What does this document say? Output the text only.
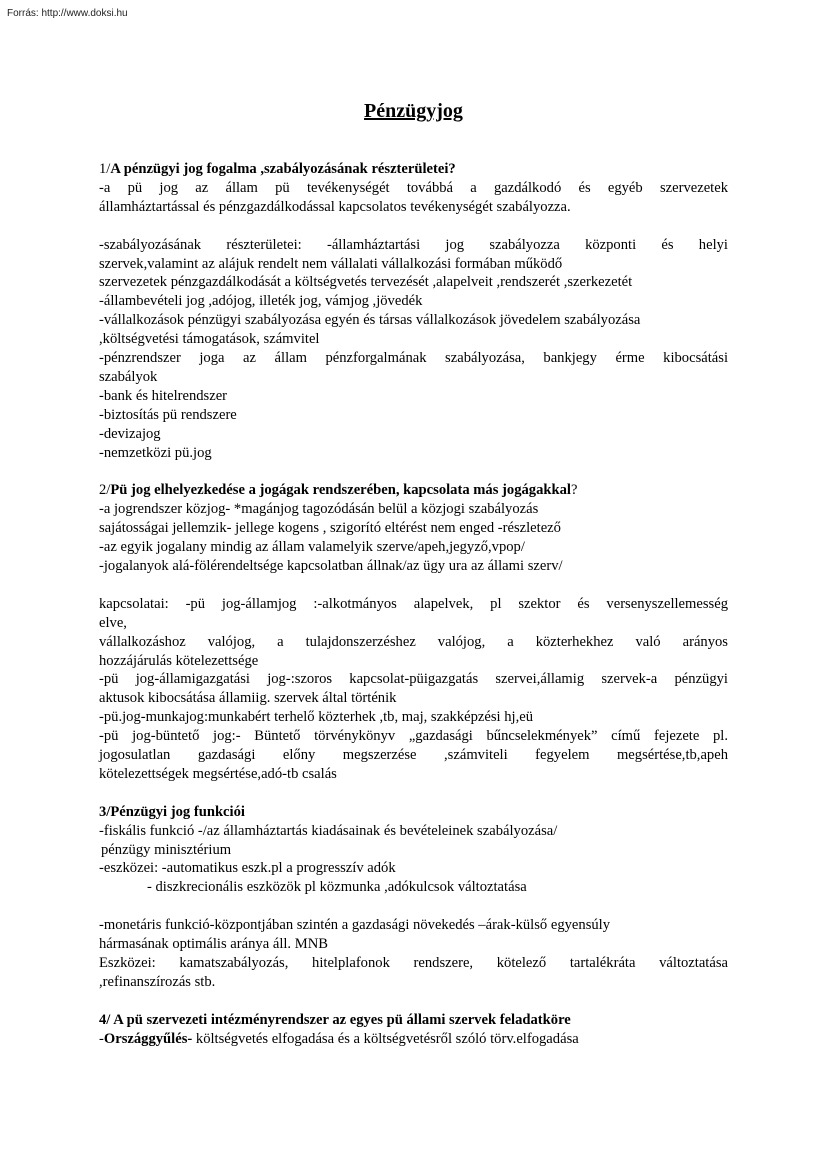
Forrás: http://www.doksi.hu
Pénzügyjog
1/A pénzügyi jog fogalma ,szabályozásának részterületei?
-a pü jog az állam pü tevékenységét továbbá a gazdálkodó és egyéb szervezetek
államháztartással és pénzgazdálkodással kapcsolatos tevékenységét szabályozza.
-szabályozásának részterületei: -államháztartási jog szabályozza központi és helyi
szervek,valamint az alájuk rendelt nem vállalati vállalkozási formában működő
szervezetek pénzgazdálkodását a költségvetés tervezését ,alapelveit ,rendszerét ,szerkezetét
-állambevételi jog ,adójog, illeték jog, vámjog ,jövedék
-vállalkozások pénzügyi szabályozása egyén és társas vállalkozások jövedelem szabályozása
,költségvetési támogatások, számvitel
-pénzrendszer joga az állam pénzforgalmának szabályozása, bankjegy érme kibocsátási
szabályok
-bank és hitelrendszer
-biztosítás pü rendszere
-devizajog
-nemzetközi pü.jog
2/Pü jog elhelyezkedése a jogágak rendszerében, kapcsolata más jogágakkal?
-a jogrendszer közjog- *magánjog tagozódásán belül a közjogi szabályozás
sajátosságai jellemzik- jellege kogens , szigorító eltérést nem enged -részletező
-az egyik jogalany mindig az állam valamelyik szerve/apeh,jegyző,vpop/
-jogalanyok alá-fölérendeltsége kapcsolatban állnak/az ügy ura az állami szerv/
kapcsolatai: -pü jog-államjog :-alkotmányos alapelvek, pl szektor és versenyszellemesség
elve,
vállalkozáshoz valójog, a tulajdonszerzéshez valójog, a közterhekhez való arányos
hozzájárulás kötelezettsége
-pü jog-államigazgatási jog-:szoros kapcsolat-püigazgatás szervei,államig szervek-a pénzügyi
aktusok kibocsátása államiig. szervek által történik
-pü.jog-munkajog:munkabért terhelő közterhek ,tb, maj, szakképzési hj,eü
-pü jog-büntető jog:- Büntető törvénykönyv „gazdasági bűncselekmények” című fejezete pl.
jogosulatlan gazdasági előny megszerzése ,számviteli fegyelem megsértése,tb,apeh
kötelezettségek megsértése,adó-tb csalás
3/Pénzügyi jog funkciói
-fiskális funkció -/az államháztartás kiadásainak és bevételeinek szabályozása/
pénzügy minisztérium
-eszközei: -automatikus eszk.pl a progresszív adók
- diszkrecionális eszközök pl közmunka ,adókulcsok változtatása
-monetáris funkció-központjában szintén a gazdasági növekedés –árak-külső egyensúly
hármasának optimális aránya áll. MNB
Eszközei: kamatszabályozás, hitelplafonok rendszere, kötelező tartalékráta változtatása
,refinanszírozás stb.
4/ A pü szervezeti intézményrendszer az egyes pü állami szervek feladatköre
-Országgyűlés- költségvetés elfogadása és a költségvetésről szóló törv.elfogadása
